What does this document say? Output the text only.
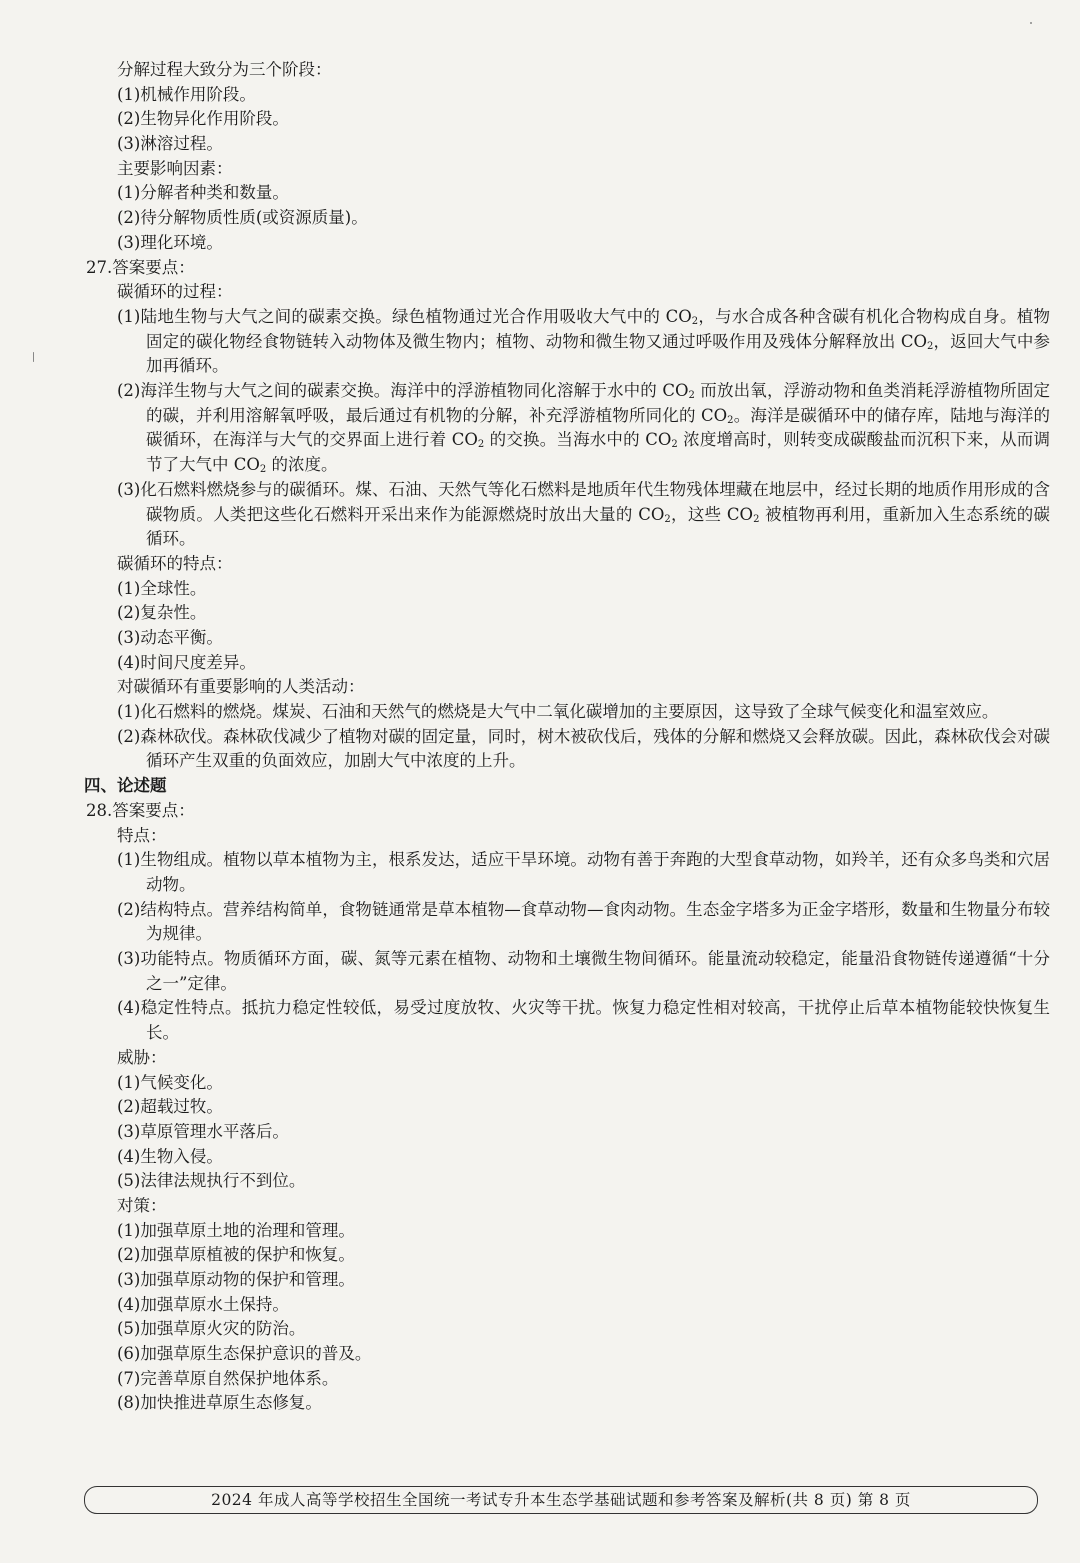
分解过程大致分为三个阶段：
(1)机械作用阶段。
(2)生物异化作用阶段。
(3)淋溶过程。
主要影响因素：
(1)分解者种类和数量。
(2)待分解物质性质(或资源质量)。
(3)理化环境。
27.答案要点：
碳循环的过程：
(1)陆地生物与大气之间的碳素交换。绿色植物通过光合作用吸收大气中的 $CO_2$，与水合成各种含碳有机化合物构成自身。植物固定的碳化物经食物链转入动物体及微生物内；植物、动物和微生物又通过呼吸作用及残体分解释放出 $CO_2$，返回大气中参加再循环。
(2)海洋生物与大气之间的碳素交换。海洋中的浮游植物同化溶解于水中的 $CO_2$ 而放出氧，浮游动物和鱼类消耗浮游植物所固定的碳，并利用溶解氧呼吸，最后通过有机物的分解，补充浮游植物所同化的 $CO_2$。海洋是碳循环中的储存库，陆地与海洋的碳循环，在海洋与大气的交界面上进行着 $CO_2$ 的交换。当海水中的 $CO_2$ 浓度增高时，则转变成碳酸盐而沉积下来，从而调节了大气中 $CO_2$ 的浓度。
(3)化石燃料燃烧参与的碳循环。煤、石油、天然气等化石燃料是地质年代生物残体埋藏在地层中，经过长期的地质作用形成的含碳物质。人类把这些化石燃料开采出来作为能源燃烧时放出大量的 $CO_2$，这些 $CO_2$ 被植物再利用，重新加入生态系统的碳循环。
碳循环的特点：
(1)全球性。
(2)复杂性。
(3)动态平衡。
(4)时间尺度差异。
对碳循环有重要影响的人类活动：
(1)化石燃料的燃烧。煤炭、石油和天然气的燃烧是大气中二氧化碳增加的主要原因，这导致了全球气候变化和温室效应。
(2)森林砍伐。森林砍伐减少了植物对碳的固定量，同时，树木被砍伐后，残体的分解和燃烧又会释放碳。因此，森林砍伐会对碳循环产生双重的负面效应，加剧大气中浓度的上升。
四、论述题
28.答案要点：
特点：
(1)生物组成。植物以草本植物为主，根系发达，适应干旱环境。动物有善于奔跑的大型食草动物，如羚羊，还有众多鸟类和穴居动物。
(2)结构特点。营养结构简单，食物链通常是草本植物—食草动物—食肉动物。生态金字塔多为正金字塔形，数量和生物量分布较为规律。
(3)功能特点。物质循环方面，碳、氮等元素在植物、动物和土壤微生物间循环。能量流动较稳定，能量沿食物链传递遵循“十分之一”定律。
(4)稳定性特点。抵抗力稳定性较低，易受过度放牧、火灾等干扰。恢复力稳定性相对较高，干扰停止后草本植物能较快恢复生长。
威胁：
(1)气候变化。
(2)超载过牧。
(3)草原管理水平落后。
(4)生物入侵。
(5)法律法规执行不到位。
对策：
(1)加强草原土地的治理和管理。
(2)加强草原植被的保护和恢复。
(3)加强草原动物的保护和管理。
(4)加强草原水土保持。
(5)加强草原火灾的防治。
(6)加强草原生态保护意识的普及。
(7)完善草原自然保护地体系。
(8)加快推进草原生态修复。
2024 年成人高等学校招生全国统一考试专升本生态学基础试题和参考答案及解析(共 8 页) 第 8 页
